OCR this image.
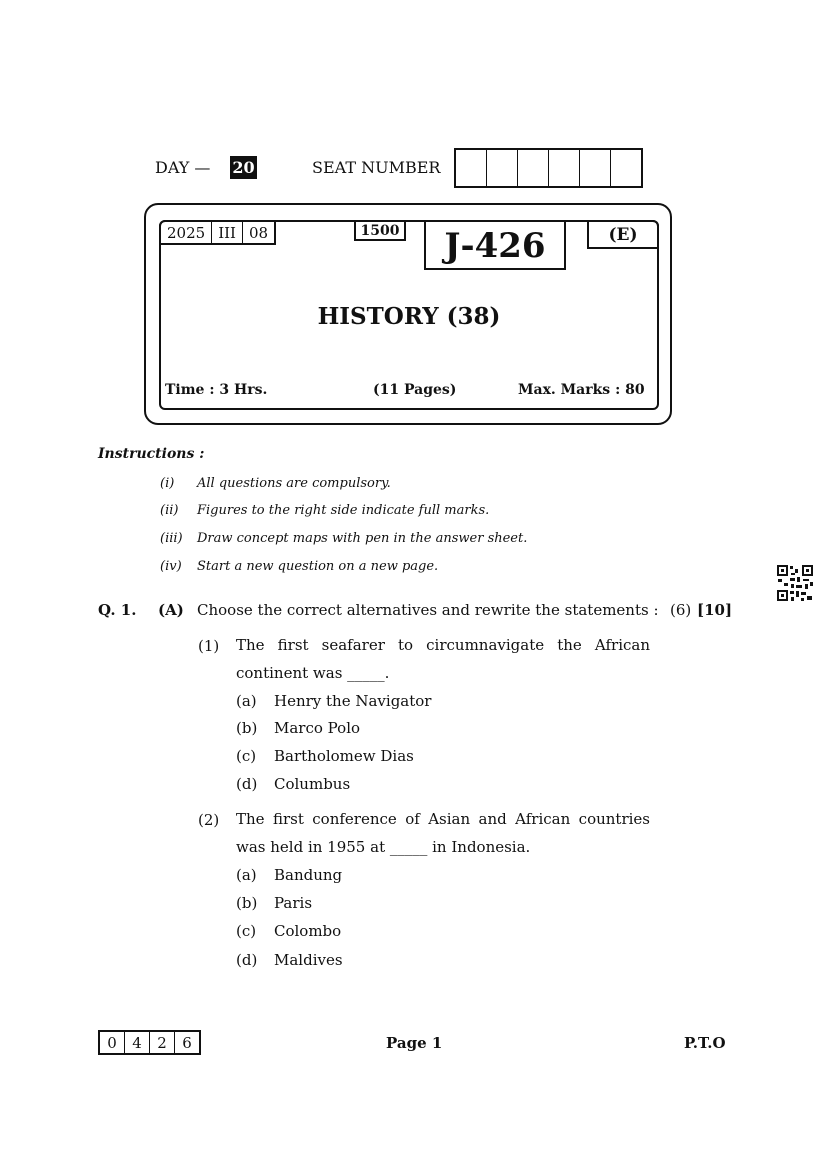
DAY — 20	SEAT NUMBER
2025 III 08	1500	J-426	(E)
HISTORY (38)
Time : 3 Hrs.	(11 Pages)	Max. Marks : 80
Instructions :
(i) All questions are compulsory.
(ii) Figures to the right side indicate full marks.
(iii) Draw concept maps with pen in the answer sheet.
(iv) Start a new question on a new page.
Q. 1. (A) Choose the correct alternatives and rewrite the statements : (6) [10]
(1) The first seafarer to circumnavigate the African continent was _____.
(a) Henry the Navigator
(b) Marco Polo
(c) Bartholomew Dias
(d) Columbus
(2) The first conference of Asian and African countries was held in 1955 at _____ in Indonesia.
(a) Bandung
(b) Paris
(c) Colombo
(d) Maldives
0	4	2	6	Page 1	P.T.O
